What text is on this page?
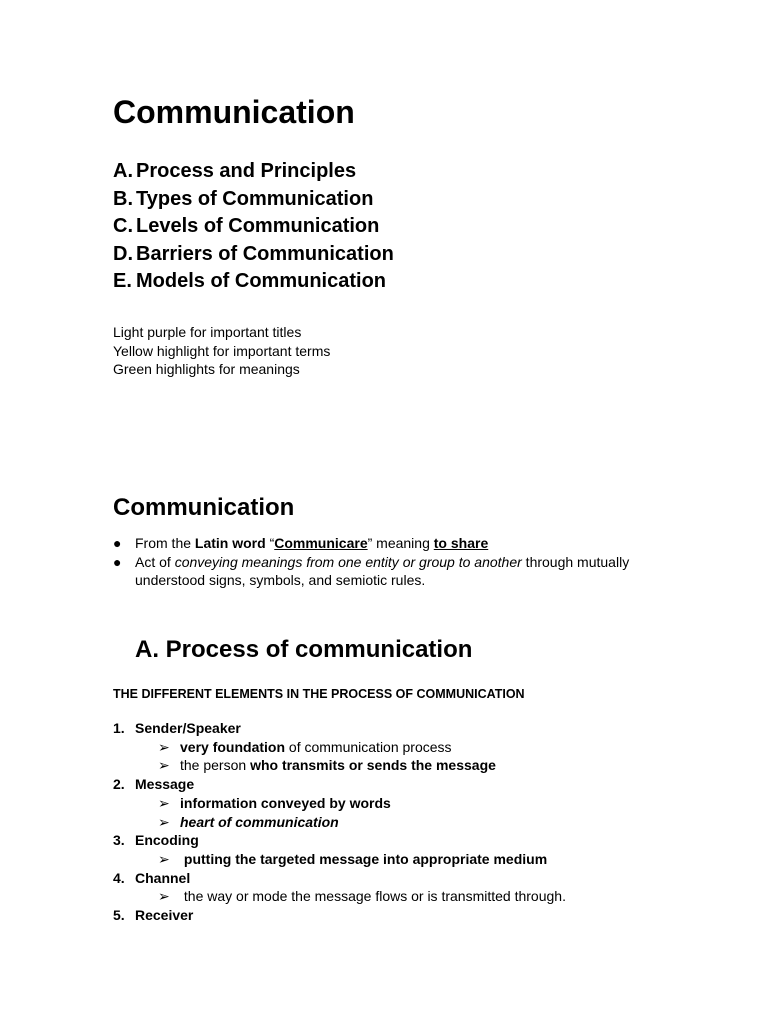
Communication
A. Process and Principles
B. Types of Communication
C. Levels of Communication
D. Barriers of Communication
E. Models of Communication
Light purple for important titles
Yellow highlight for important terms
Green highlights for meanings
Communication
● From the Latin word “Communicare” meaning to share
● Act of conveying meanings from one entity or group to another through mutually understood signs, symbols, and semiotic rules.
A. Process of communication
THE DIFFERENT ELEMENTS IN THE PROCESS OF COMMUNICATION
1. Sender/Speaker
➢ very foundation of communication process
➢ the person who transmits or sends the message
2. Message
➢ information conveyed by words
➢ heart of communication
3. Encoding
➢ putting the targeted message into appropriate medium
4. Channel
➢ the way or mode the message flows or is transmitted through.
5. Receiver
